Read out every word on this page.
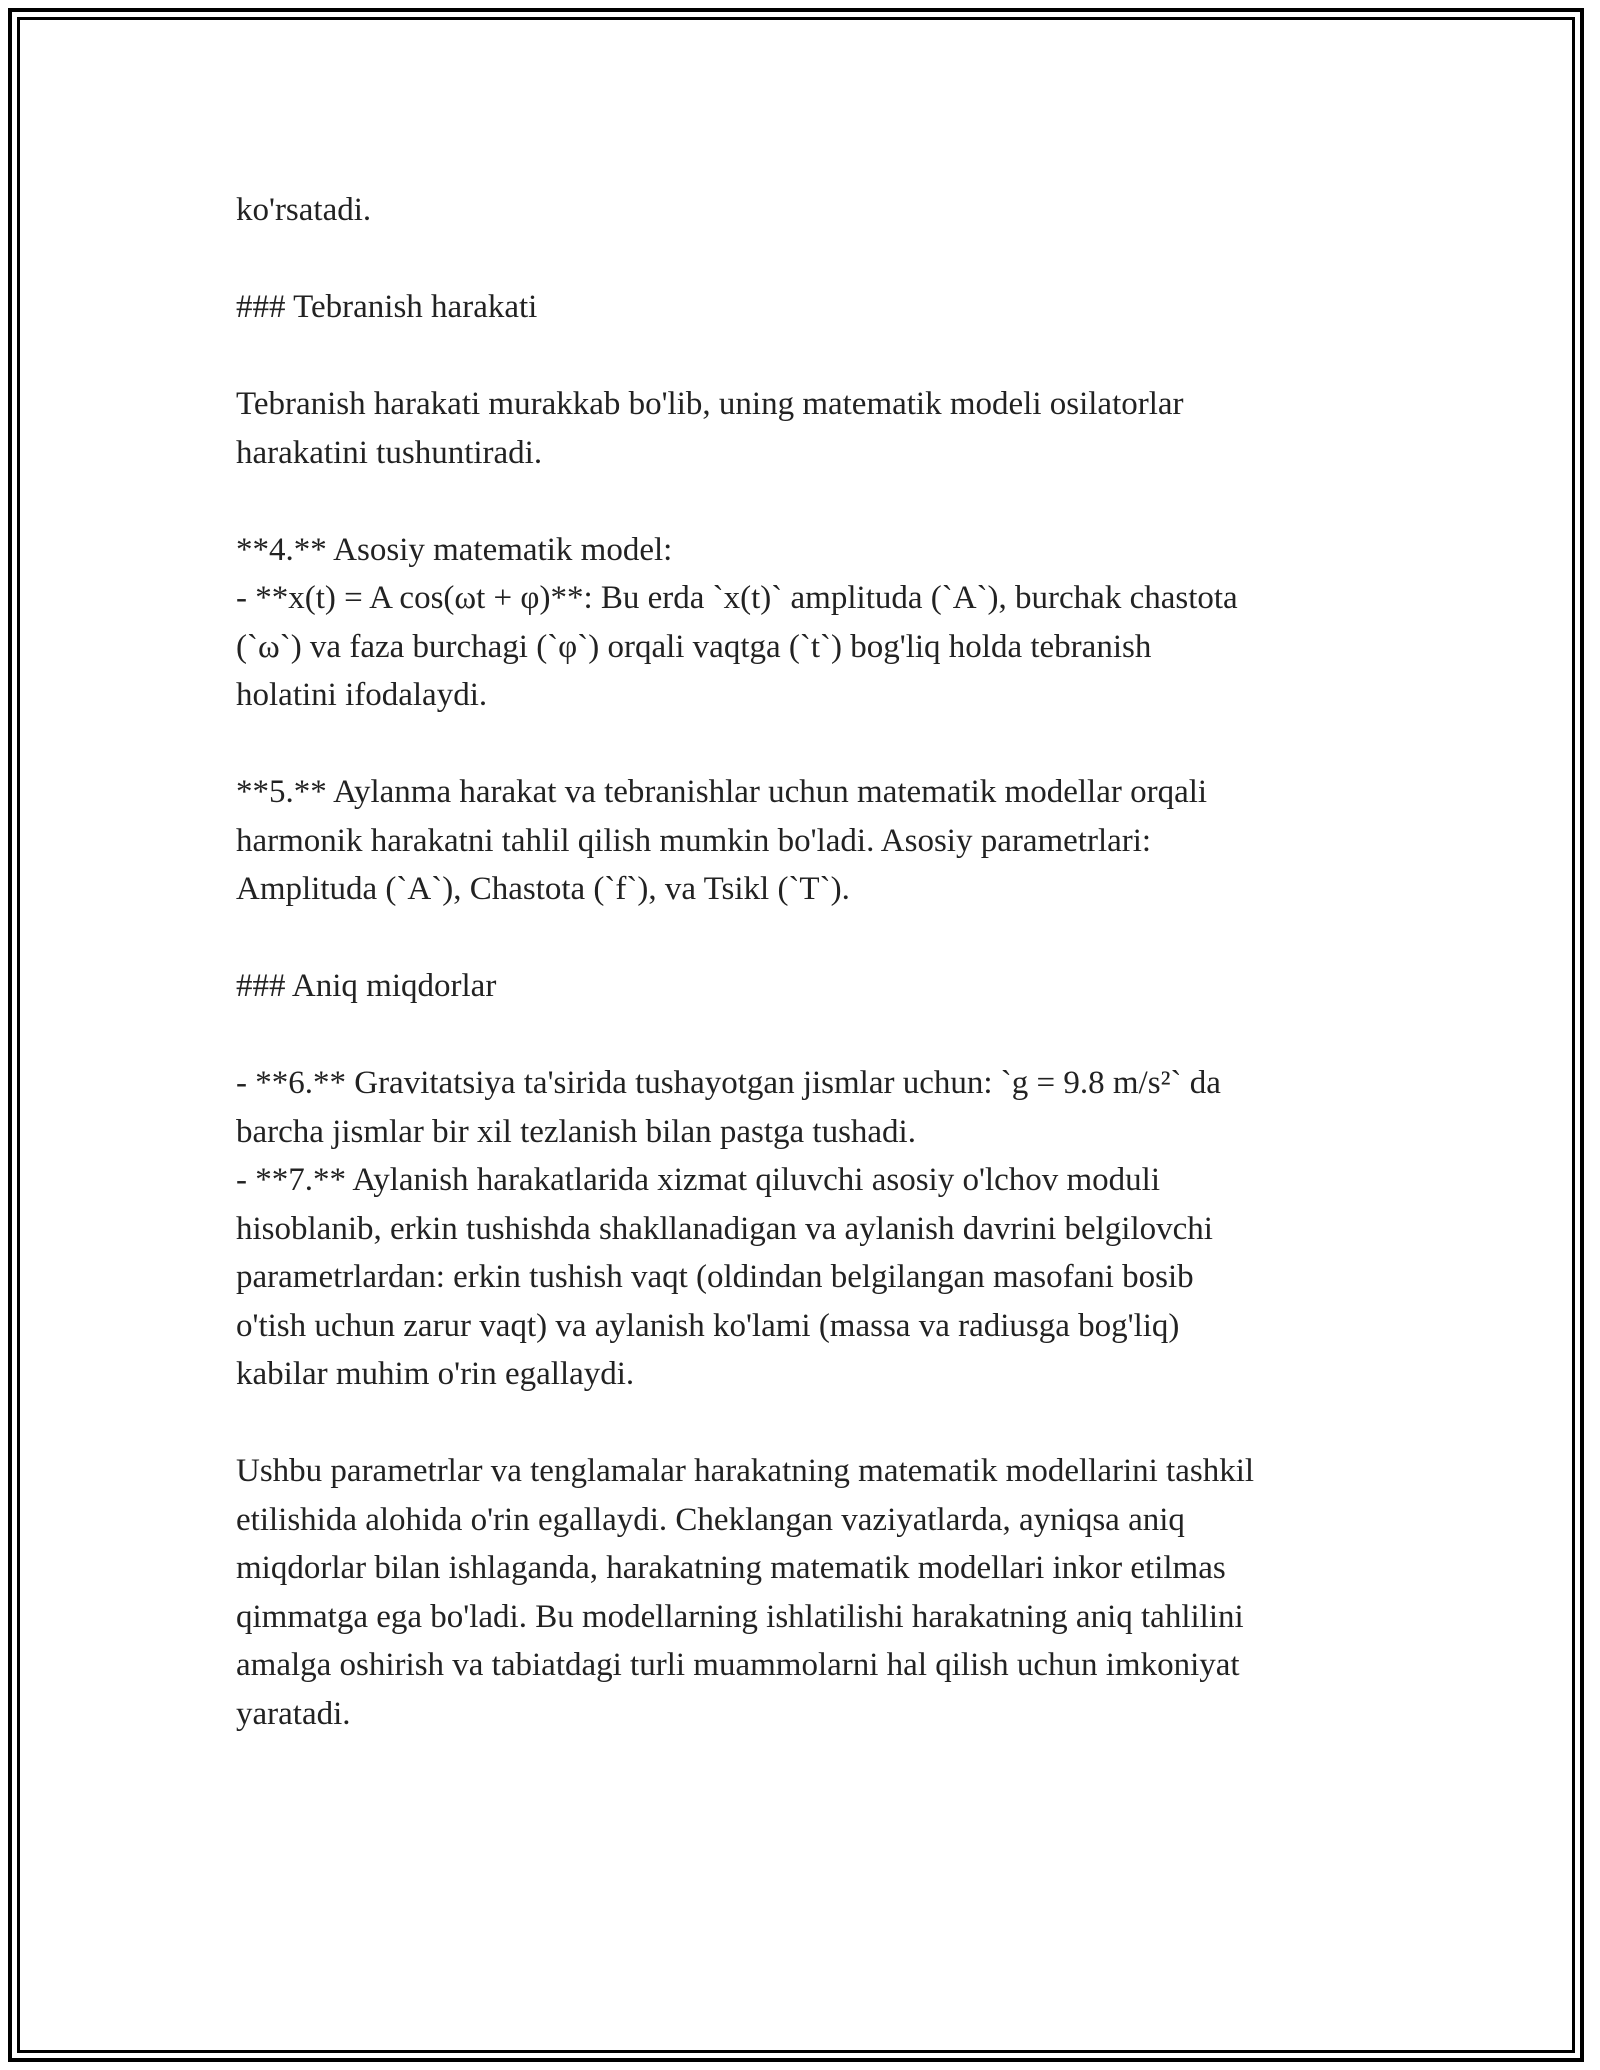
ko'rsatadi.
### Tebranish harakati
Tebranish harakati murakkab bo'lib, uning matematik modeli osilatorlar
harakatini tushuntiradi.
**4.** Asosiy matematik model:
- **x(t) = A cos(ωt + φ)**: Bu erda `x(t)` amplituda (`A`), burchak chastota
(`ω`) va faza burchagi (`φ`) orqali vaqtga (`t`) bog'liq holda tebranish
holatini ifodalaydi.
**5.** Aylanma harakat va tebranishlar uchun matematik modellar orqali
harmonik harakatni tahlil qilish mumkin bo'ladi. Asosiy parametrlari:
Amplituda (`A`), Chastota (`f`), va Tsikl (`T`).
### Aniq miqdorlar
- **6.** Gravitatsiya ta'sirida tushayotgan jismlar uchun: `g = 9.8 m/s²` da
barcha jismlar bir xil tezlanish bilan pastga tushadi.
- **7.** Aylanish harakatlarida xizmat qiluvchi asosiy o'lchov moduli
hisoblanib, erkin tushishda shakllanadigan va aylanish davrini belgilovchi
parametrlardan: erkin tushish vaqt (oldindan belgilangan masofani bosib
o'tish uchun zarur vaqt) va aylanish ko'lami (massa va radiusga bog'liq)
kabilar muhim o'rin egallaydi.
Ushbu parametrlar va tenglamalar harakatning matematik modellarini tashkil
etilishida alohida o'rin egallaydi. Cheklangan vaziyatlarda, ayniqsa aniq
miqdorlar bilan ishlaganda, harakatning matematik modellari inkor etilmas
qimmatga ega bo'ladi. Bu modellarning ishlatilishi harakatning aniq tahlilini
amalga oshirish va tabiatdagi turli muammolarni hal qilish uchun imkoniyat
yaratadi.
